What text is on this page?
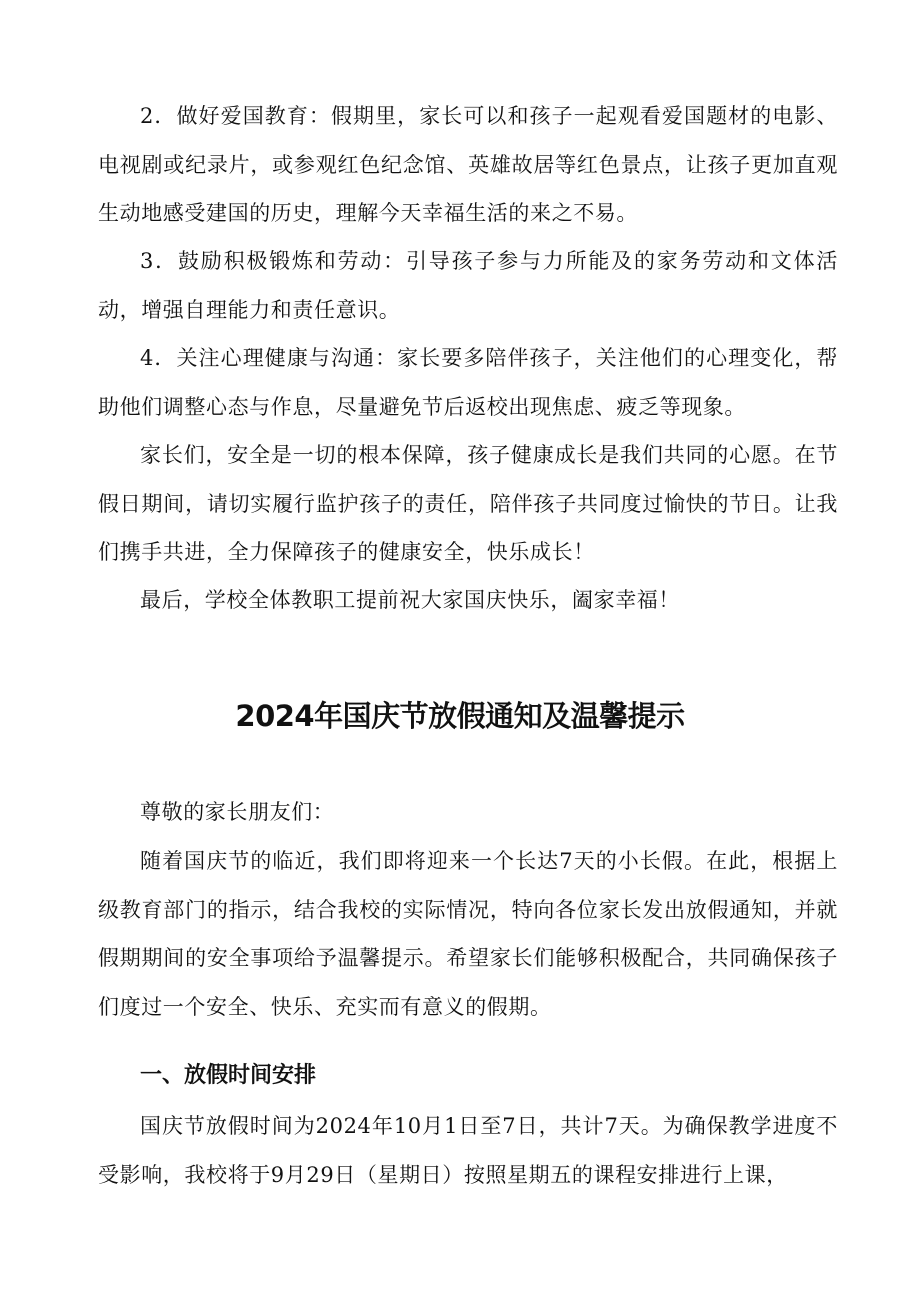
2．做好爱国教育：假期里，家长可以和孩子一起观看爱国题材的电影、电视剧或纪录片，或参观红色纪念馆、英雄故居等红色景点，让孩子更加直观生动地感受建国的历史，理解今天幸福生活的来之不易。

3．鼓励积极锻炼和劳动：引导孩子参与力所能及的家务劳动和文体活动，增强自理能力和责任意识。

4．关注心理健康与沟通：家长要多陪伴孩子，关注他们的心理变化，帮助他们调整心态与作息，尽量避免节后返校出现焦虑、疲乏等现象。

家长们，安全是一切的根本保障，孩子健康成长是我们共同的心愿。在节假日期间，请切实履行监护孩子的责任，陪伴孩子共同度过愉快的节日。让我们携手共进，全力保障孩子的健康安全，快乐成长！

最后，学校全体教职工提前祝大家国庆快乐，阖家幸福！

2024年国庆节放假通知及温馨提示

尊敬的家长朋友们：

随着国庆节的临近，我们即将迎来一个长达7天的小长假。在此，根据上级教育部门的指示，结合我校的实际情况，特向各位家长发出放假通知，并就假期期间的安全事项给予温馨提示。希望家长们能够积极配合，共同确保孩子们度过一个安全、快乐、充实而有意义的假期。

一、放假时间安排

国庆节放假时间为2024年10月1日至7日，共计7天。为确保教学进度不受影响，我校将于9月29日（星期日）按照星期五的课程安排进行上课，
